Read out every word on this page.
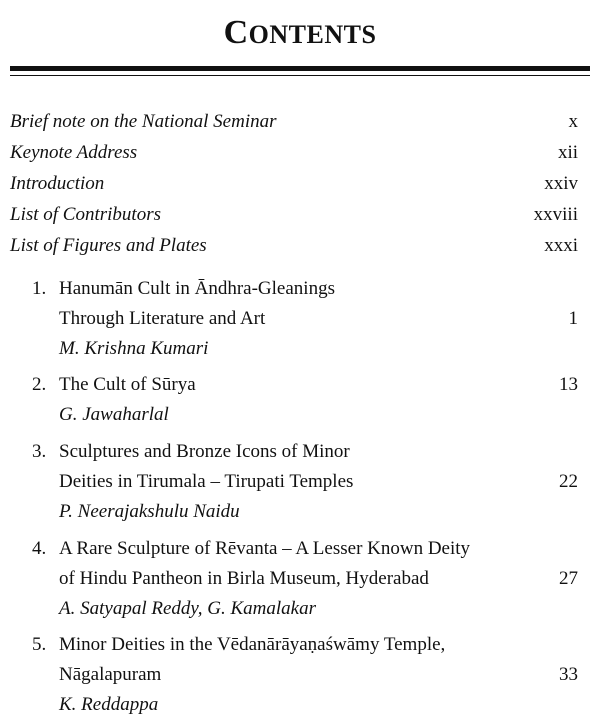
CONTENTS
Brief note on the National Seminar	x
Keynote Address	xii
Introduction	xxiv
List of Contributors	xxviii
List of Figures and Plates	xxxi
1. Hanumān Cult in Āndhra-Gleanings
Through Literature and Art	1
M. Krishna Kumari
2. The Cult of Sūrya	13
G. Jawaharlal
3. Sculptures and Bronze Icons of Minor
Deities in Tirumala – Tirupati Temples	22
P. Neerajakshulu Naidu
4. A Rare Sculpture of Rēvanta – A Lesser Known Deity
of Hindu Pantheon in Birla Museum, Hyderabad	27
A. Satyapal Reddy, G. Kamalakar
5. Minor Deities in the Vēdanārāyaṇaśwāmy Temple,
Nāgalapuram	33
K. Reddappa
